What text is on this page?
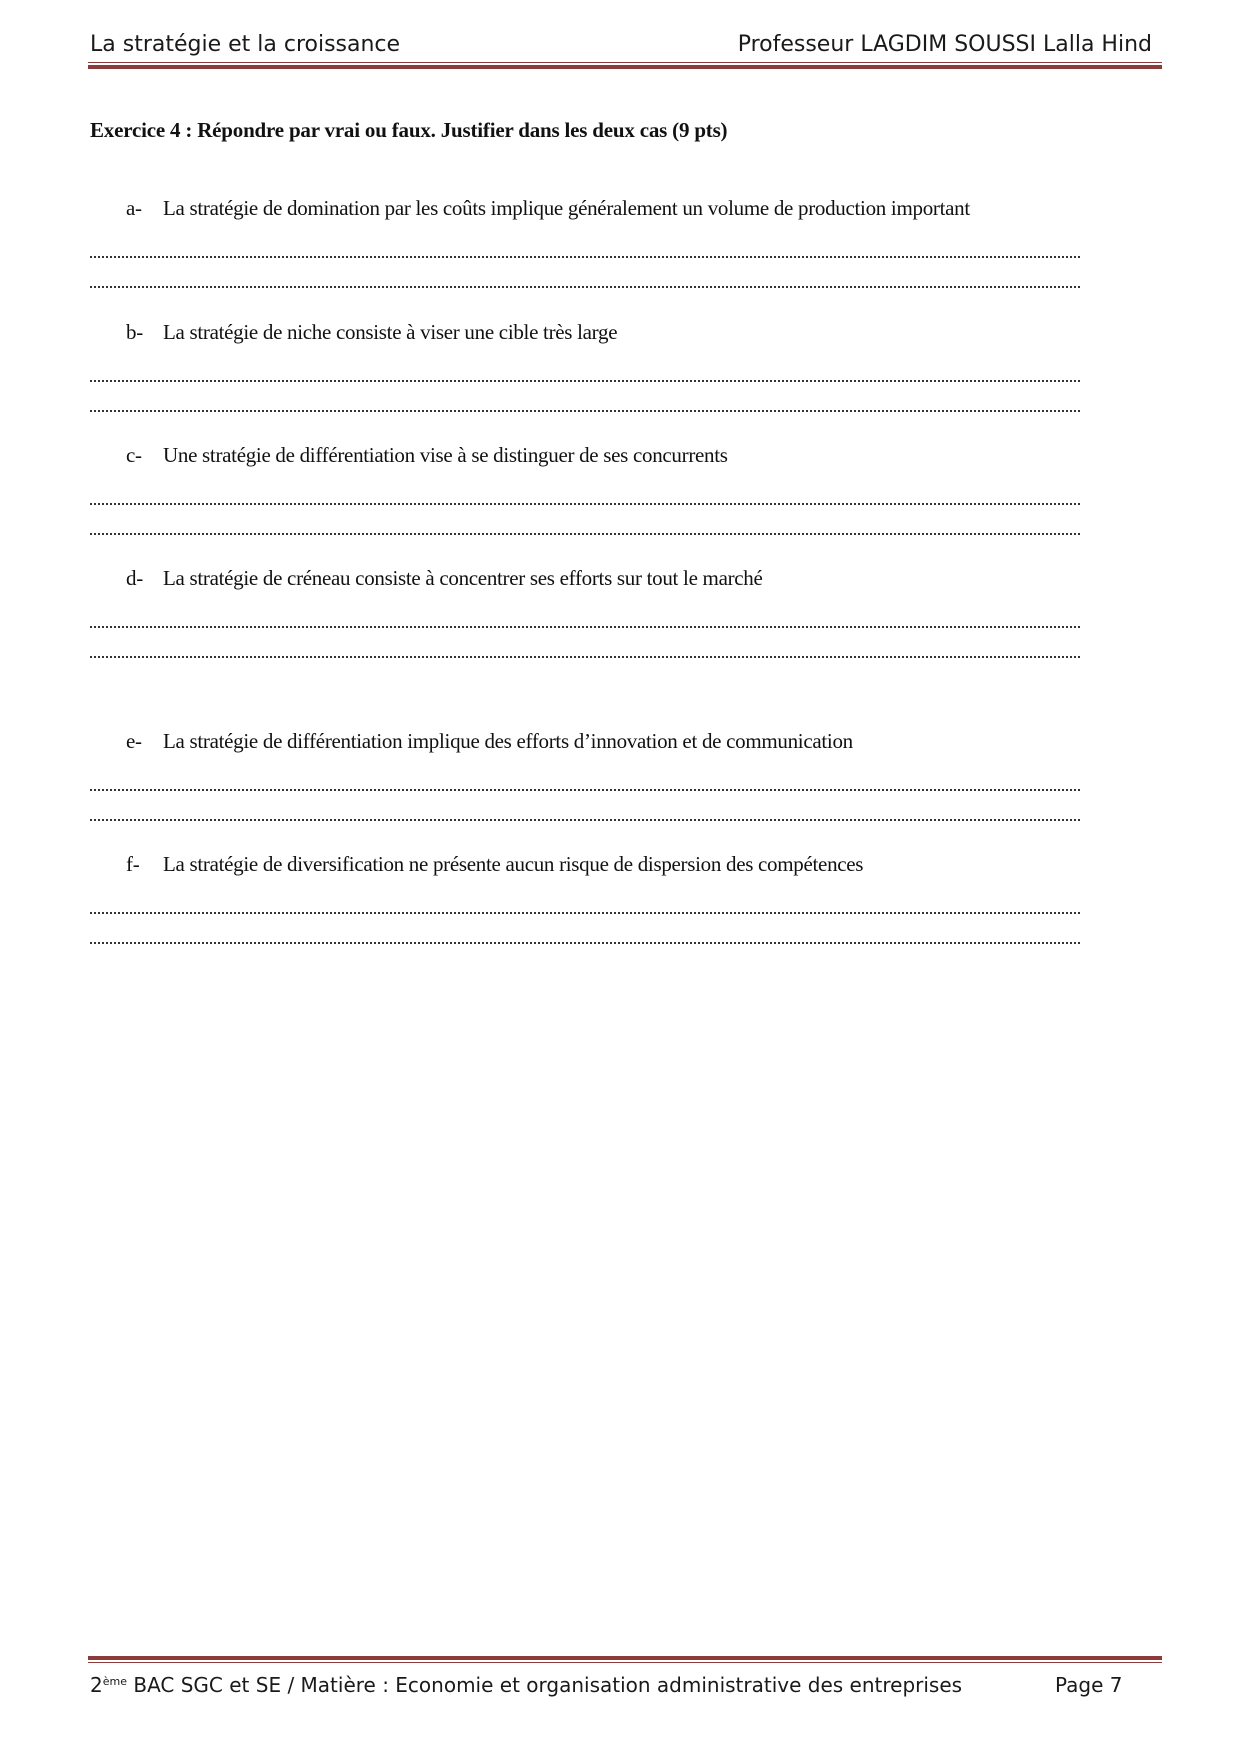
La stratégie et la croissance	Professeur LAGDIM SOUSSI Lalla Hind
Exercice 4 : Répondre par vrai ou faux. Justifier dans les deux cas (9 pts)
a- La stratégie de domination par les coûts implique généralement un volume de production important
b- La stratégie de niche consiste à viser une cible très large
c- Une stratégie de différentiation vise à se distinguer de ses concurrents
d- La stratégie de créneau consiste à concentrer ses efforts sur tout le marché
e- La stratégie de différentiation implique des efforts d’innovation et de communication
f- La stratégie de diversification ne présente aucun risque de dispersion des compétences
2ème BAC SGC et SE / Matière : Economie et organisation administrative des entreprises	Page 7
